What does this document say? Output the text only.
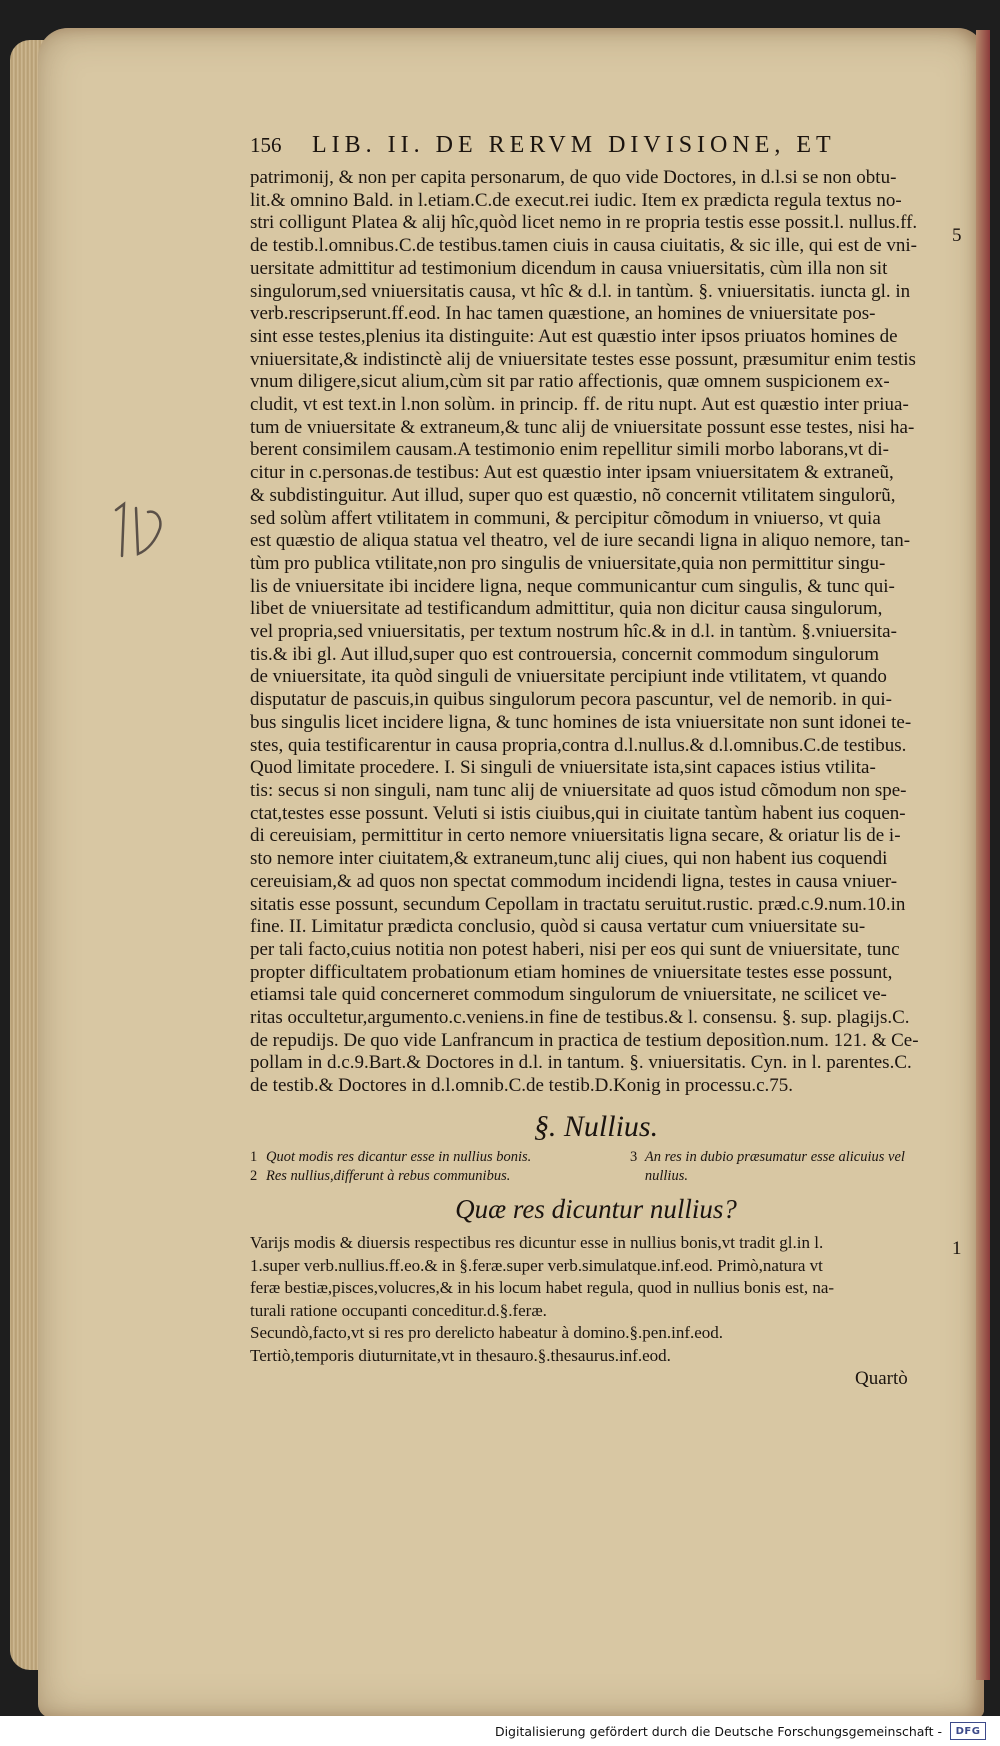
156	LIB. II. DE RERVM DIVISIONE, ET

patrimonij, & non per capita personarum, de quo vide Doctores, in d.l.si se non obtu-

lit.& omnino Bald. in l.etiam.C.de execut.rei iudic. Item ex prædicta regula textus no-

stri colligunt Platea & alij hîc,quòd licet nemo in re propria testis esse possit.l. nullus.ff.

de testib.l.omnibus.C.de testibus.tamen ciuis in causa ciuitatis, & sic ille, qui est de vni-

uersitate admittitur ad testimonium dicendum in causa vniuersitatis, cùm illa non sit

singulorum,sed vniuersitatis causa, vt hîc & d.l. in tantùm. §. vniuersitatis. iuncta gl. in

verb.rescripserunt.ff.eod. In hac tamen quæstione, an homines de vniuersitate pos-

sint esse testes,plenius ita distinguite: Aut est quæstio inter ipsos priuatos homines de

vniuersitate,& indistinctè alij de vniuersitate testes esse possunt, præsumitur enim testis

vnum diligere,sicut alium,cùm sit par ratio affectionis, quæ omnem suspicionem ex-

cludit, vt est text.in l.non solùm. in princip. ff. de ritu nupt. Aut est quæstio inter priua-

tum de vniuersitate & extraneum,& tunc alij de vniuersitate possunt esse testes, nisi ha-

berent consimilem causam.A testimonio enim repellitur simili morbo laborans,vt di-

citur in c.personas.de testibus: Aut est quæstio inter ipsam vniuersitatem & extraneũ,

& subdistinguitur. Aut illud, super quo est quæstio, nõ concernit vtilitatem singulorũ,

sed solùm affert vtilitatem in communi, & percipitur cõmodum in vniuerso, vt quia

est quæstio de aliqua statua vel theatro, vel de iure secandi ligna in aliquo nemore, tan-

tùm pro publica vtilitate,non pro singulis de vniuersitate,quia non permittitur singu-

lis de vniuersitate ibi incidere ligna, neque communicantur cum singulis, & tunc qui-

libet de vniuersitate ad testificandum admittitur, quia non dicitur causa singulorum,

vel propria,sed vniuersitatis, per textum nostrum hîc.& in d.l. in tantùm. §.vniuersita-

tis.& ibi gl. Aut illud,super quo est controuersia, concernit commodum singulorum

de vniuersitate, ita quòd singuli de vniuersitate percipiunt inde vtilitatem, vt quando

disputatur de pascuis,in quibus singulorum pecora pascuntur, vel de nemorib. in qui-

bus singulis licet incidere ligna, & tunc homines de ista vniuersitate non sunt idonei te-

stes, quia testificarentur in causa propria,contra d.l.nullus.& d.l.omnibus.C.de testibus.

Quod limitate procedere. I. Si singuli de vniuersitate ista,sint capaces istius vtilita-

tis: secus si non singuli, nam tunc alij de vniuersitate ad quos istud cõmodum non spe-

ctat,testes esse possunt. Veluti si istis ciuibus,qui in ciuitate tantùm habent ius coquen-

di cereuisiam, permittitur in certo nemore vniuersitatis ligna secare, & oriatur lis de i-

sto nemore inter ciuitatem,& extraneum,tunc alij ciues, qui non habent ius coquendi

cereuisiam,& ad quos non spectat commodum incidendi ligna, testes in causa vniuer-

sitatis esse possunt, secundum Cepollam in tractatu seruitut.rustic. præd.c.9.num.10.in

fine. II. Limitatur prædicta conclusio, quòd si causa vertatur cum vniuersitate su-

per tali facto,cuius notitia non potest haberi, nisi per eos qui sunt de vniuersitate, tunc

propter difficultatem probationum etiam homines de vniuersitate testes esse possunt,

etiamsi tale quid concerneret commodum singulorum de vniuersitate, ne scilicet ve-

ritas occultetur,argumento.c.veniens.in fine de testibus.& l. consensu. §. sup. plagijs.C.

de repudijs. De quo vide Lanfrancum in practica de testium depositìon.num. 121. & Ce-

pollam in d.c.9.Bart.& Doctores in d.l. in tantum. §. vniuersitatis. Cyn. in l. parentes.C.

de testib.& Doctores in d.l.omnib.C.de testib.D.Konig in processu.c.75.

5
§. Nullius.
1 Quot modis res dicantur esse in nullius bonis.
2 Res nullius,differunt à rebus communibus.
3 An res in dubio præsumatur esse alicuius vel nullius.
Quæ res dicuntur nullius?

Varijs modis & diuersis respectibus res dicuntur esse in nullius bonis,vt tradit gl.in l.

1.super verb.nullius.ff.eo.& in §.feræ.super verb.simulatque.inf.eod. Primò,natura vt

feræ bestiæ,pisces,volucres,& in his locum habet regula, quod in nullius bonis est, na-

turali ratione occupanti conceditur.d.§.feræ.

Secundò,facto,vt si res pro derelicto habeatur à domino.§.pen.inf.eod.

Tertiò,temporis diuturnitate,vt in thesauro.§.thesaurus.inf.eod.

1
Quartò
Digitalisierung gefördert durch die Deutsche Forschungsgemeinschaft -	DFG
